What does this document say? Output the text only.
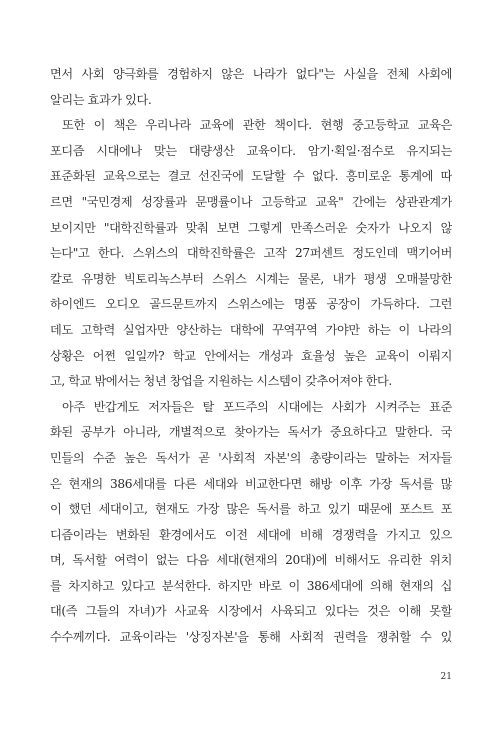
면서 사회 양극화를 경험하지 않은 나라가 없다"는 사실을 전체 사회에
알리는 효과가 있다.
또한 이 책은 우리나라 교육에 관한 책이다. 현행 중고등학교 교육은
포디즘 시대에나 맞는 대량생산 교육이다. 암기·획일·점수로 유지되는
표준화된 교육으로는 결코 선진국에 도달할 수 없다. 흥미로운 통계에 따
르면 "국민경제 성장률과 문맹률이나 고등학교 교육" 간에는 상관관계가
보이지만 "대학진학률과 맞춰 보면 그렇게 만족스러운 숫자가 나오지 않
는다"고 한다. 스위스의 대학진학률은 고작 27퍼센트 정도인데 맥기어버
칼로 유명한 빅토리녹스부터 스위스 시계는 물론, 내가 평생 오매불망한
하이엔드 오디오 골드문트까지 스위스에는 명품 공장이 가득하다. 그런
데도 고학력 실업자만 양산하는 대학에 꾸역꾸역 가야만 하는 이 나라의
상황은 어쩐 일일까? 학교 안에서는 개성과 효율성 높은 교육이 이뤄지
고, 학교 밖에서는 청년 창업을 지원하는 시스템이 갖추어져야 한다.
아주 반갑게도 저자들은 탈 포드주의 시대에는 사회가 시켜주는 표준
화된 공부가 아니라, 개별적으로 찾아가는 독서가 중요하다고 말한다. 국
민들의 수준 높은 독서가 곧 '사회적 자본'의 총량이라는 말하는 저자들
은 현재의 386세대를 다른 세대와 비교한다면 해방 이후 가장 독서를 많
이 했던 세대이고, 현재도 가장 많은 독서를 하고 있기 때문에 포스트 포
디즘이라는 변화된 환경에서도 이전 세대에 비해 경쟁력을 가지고 있으
며, 독서할 여력이 없는 다음 세대(현재의 20대)에 비해서도 유리한 위치
를 차지하고 있다고 분석한다. 하지만 바로 이 386세대에 의해 현재의 십
대(즉 그들의 자녀)가 사교육 시장에서 사육되고 있다는 것은 이해 못할
수수께끼다. 교육이라는 '상징자본'을 통해 사회적 권력을 쟁취할 수 있
21
